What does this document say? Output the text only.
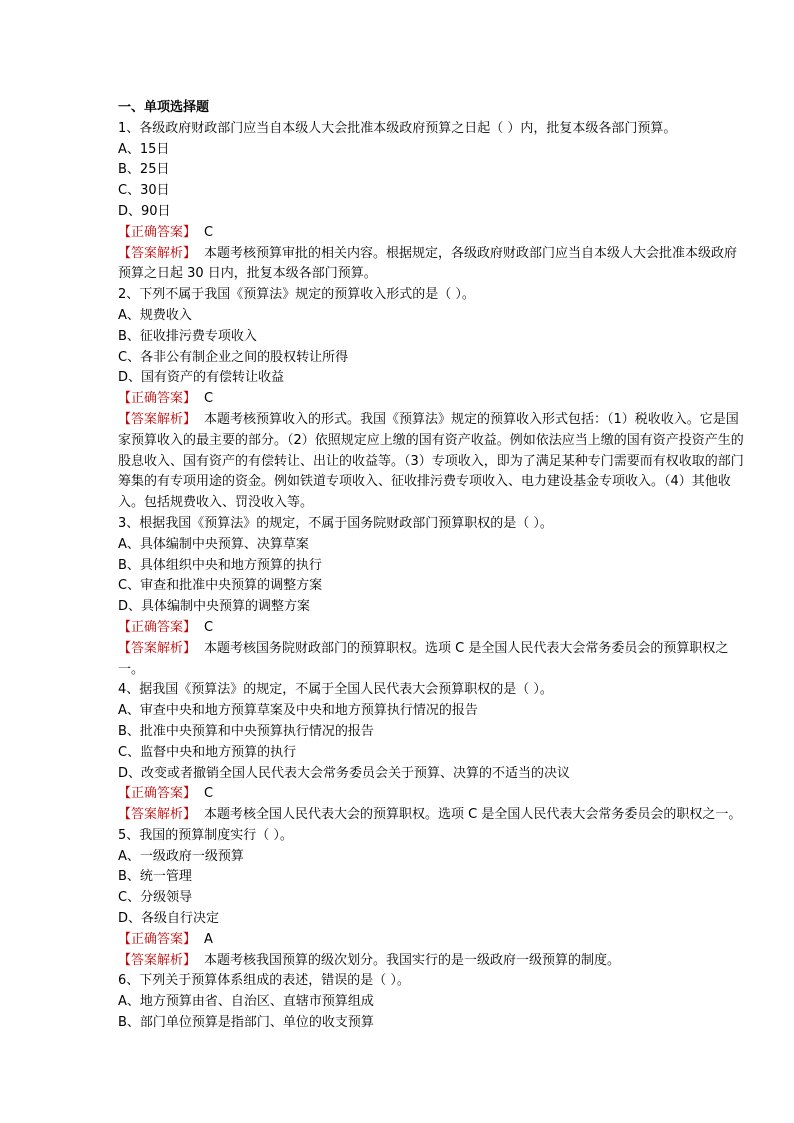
一、单项选择题
1、各级政府财政部门应当自本级人大会批准本级政府预算之日起（ ）内，批复本级各部门预算。
A、15日
B、25日
C、30日
D、90日
【正确答案】 C
【答案解析】 本题考核预算审批的相关内容。根据规定，各级政府财政部门应当自本级人大会批准本级政府预算之日起 30 日内，批复本级各部门预算。
2、下列不属于我国《预算法》规定的预算收入形式的是（ ）。
A、规费收入
B、征收排污费专项收入
C、各非公有制企业之间的股权转让所得
D、国有资产的有偿转让收益
【正确答案】 C
【答案解析】 本题考核预算收入的形式。我国《预算法》规定的预算收入形式包括：（1）税收收入。它是国家预算收入的最主要的部分。（2）依照规定应上缴的国有资产收益。例如依法应当上缴的国有资产投资产生的股息收入、国有资产的有偿转让、出让的收益等。（3）专项收入，即为了满足某种专门需要而有权收取的部门筹集的有专项用途的资金。例如铁道专项收入、征收排污费专项收入、电力建设基金专项收入。（4）其他收入。包括规费收入、罚没收入等。
3、根据我国《预算法》的规定，不属于国务院财政部门预算职权的是（ ）。
A、具体编制中央预算、决算草案
B、具体组织中央和地方预算的执行
C、审查和批准中央预算的调整方案
D、具体编制中央预算的调整方案
【正确答案】 C
【答案解析】 本题考核国务院财政部门的预算职权。选项 C 是全国人民代表大会常务委员会的预算职权之一。
4、据我国《预算法》的规定，不属于全国人民代表大会预算职权的是（ ）。
A、审查中央和地方预算草案及中央和地方预算执行情况的报告
B、批准中央预算和中央预算执行情况的报告
C、监督中央和地方预算的执行
D、改变或者撤销全国人民代表大会常务委员会关于预算、决算的不适当的决议
【正确答案】 C
【答案解析】 本题考核全国人民代表大会的预算职权。选项 C 是全国人民代表大会常务委员会的职权之一。
5、我国的预算制度实行（ ）。
A、一级政府一级预算
B、统一管理
C、分级领导
D、各级自行决定
【正确答案】 A
【答案解析】 本题考核我国预算的级次划分。我国实行的是一级政府一级预算的制度。
6、下列关于预算体系组成的表述，错误的是（ ）。
A、地方预算由省、自治区、直辖市预算组成
B、部门单位预算是指部门、单位的收支预算
